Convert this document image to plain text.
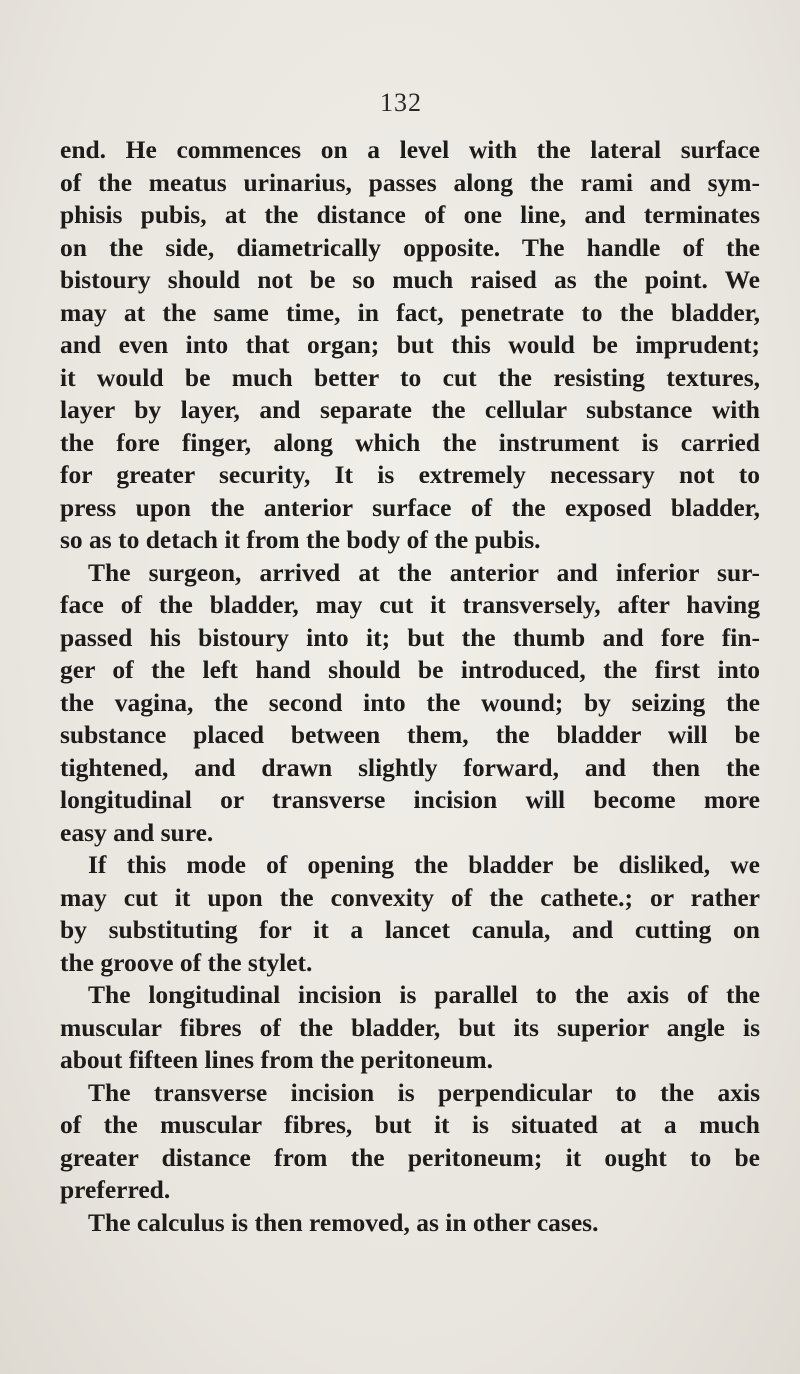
132
end. He commences on a level with the lateral surface
of the meatus urinarius, passes along the rami and sym-
phisis pubis, at the distance of one line, and terminates
on the side, diametrically opposite. The handle of the
bistoury should not be so much raised as the point. We
may at the same time, in fact, penetrate to the bladder,
and even into that organ; but this would be imprudent;
it would be much better to cut the resisting textures,
layer by layer, and separate the cellular substance with
the fore finger, along which the instrument is carried
for greater security, It is extremely necessary not to
press upon the anterior surface of the exposed bladder,
so as to detach it from the body of the pubis.
The surgeon, arrived at the anterior and inferior sur-
face of the bladder, may cut it transversely, after having
passed his bistoury into it; but the thumb and fore fin-
ger of the left hand should be introduced, the first into
the vagina, the second into the wound; by seizing the
substance placed between them, the bladder will be
tightened, and drawn slightly forward, and then the
longitudinal or transverse incision will become more
easy and sure.
If this mode of opening the bladder be disliked, we
may cut it upon the convexity of the cathete.; or rather
by substituting for it a lancet canula, and cutting on
the groove of the stylet.
The longitudinal incision is parallel to the axis of the
muscular fibres of the bladder, but its superior angle is
about fifteen lines from the peritoneum.
The transverse incision is perpendicular to the axis
of the muscular fibres, but it is situated at a much
greater distance from the peritoneum; it ought to be
preferred.
The calculus is then removed, as in other cases.
